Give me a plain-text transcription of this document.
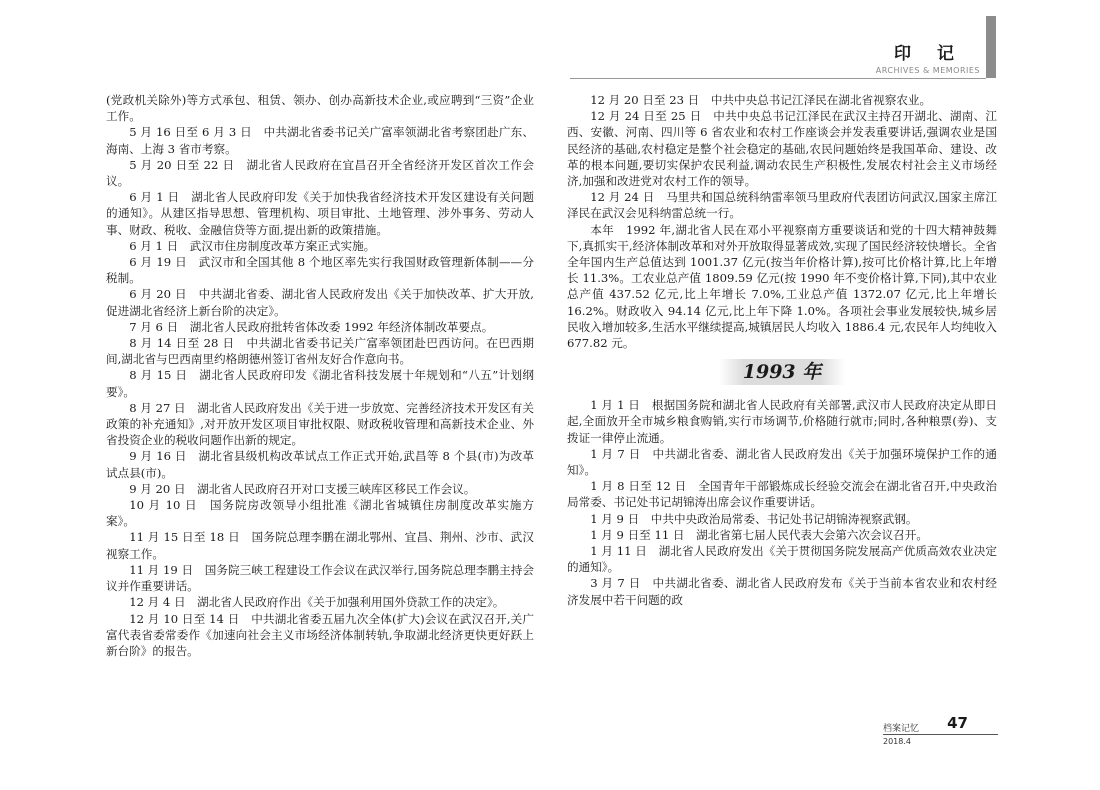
印记
ARCHIVES & MEMORIES

(党政机关除外)等方式承包、租赁、领办、创办高新技术企业,或应聘到“三资”企业工作。

5 月 16 日至 6 月 3 日　中共湖北省委书记关广富率领湖北省考察团赴广东、海南、上海 3 省市考察。

5 月 20 日至 22 日　湖北省人民政府在宜昌召开全省经济开发区首次工作会议。

6 月 1 日　湖北省人民政府印发《关于加快我省经济技术开发区建设有关问题的通知》。从建区指导思想、管理机构、项目审批、土地管理、涉外事务、劳动人事、财政、税收、金融信贷等方面,提出新的政策措施。

6 月 1 日　武汉市住房制度改革方案正式实施。

6 月 19 日　武汉市和全国其他 8 个地区率先实行我国财政管理新体制——分税制。

6 月 20 日　中共湖北省委、湖北省人民政府发出《关于加快改革、扩大开放,促进湖北省经济上新台阶的决定》。

7 月 6 日　湖北省人民政府批转省体改委 1992 年经济体制改革要点。

8 月 14 日至 28 日　中共湖北省委书记关广富率领团赴巴西访问。在巴西期间,湖北省与巴西南里约格朗德州签订省州友好合作意向书。

8 月 15 日　湖北省人民政府印发《湖北省科技发展十年规划和“八五”计划纲要》。

8 月 27 日　湖北省人民政府发出《关于进一步放宽、完善经济技术开发区有关政策的补充通知》,对开放开发区项目审批权限、财政税收管理和高新技术企业、外省投资企业的税收问题作出新的规定。

9 月 16 日　湖北省县级机构改革试点工作正式开始,武昌等 8 个县(市)为改革试点县(市)。

9 月 20 日　湖北省人民政府召开对口支援三峡库区移民工作会议。

10 月 10 日　国务院房改领导小组批准《湖北省城镇住房制度改革实施方案》。

11 月 15 日至 18 日　国务院总理李鹏在湖北鄂州、宜昌、荆州、沙市、武汉视察工作。

11 月 19 日　国务院三峡工程建设工作会议在武汉举行,国务院总理李鹏主持会议并作重要讲话。

12 月 4 日　湖北省人民政府作出《关于加强利用国外贷款工作的决定》。

12 月 10 日至 14 日　中共湖北省委五届九次全体(扩大)会议在武汉召开,关广富代表省委常委作《加速向社会主义市场经济体制转轨,争取湖北经济更快更好跃上新台阶》的报告。

12 月 20 日至 23 日　中共中央总书记江泽民在湖北省视察农业。

12 月 24 日至 25 日　中共中央总书记江泽民在武汉主持召开湖北、湖南、江西、安徽、河南、四川等 6 省农业和农村工作座谈会并发表重要讲话,强调农业是国民经济的基础,农村稳定是整个社会稳定的基础,农民问题始终是我国革命、建设、改革的根本问题,要切实保护农民利益,调动农民生产积极性,发展农村社会主义市场经济,加强和改进党对农村工作的领导。

12 月 24 日　马里共和国总统科纳雷率领马里政府代表团访问武汉,国家主席江泽民在武汉会见科纳雷总统一行。

本年　1992 年,湖北省人民在邓小平视察南方重要谈话和党的十四大精神鼓舞下,真抓实干,经济体制改革和对外开放取得显著成效,实现了国民经济较快增长。全省全年国内生产总值达到 1001.37 亿元(按当年价格计算),按可比价格计算,比上年增长 11.3%。工农业总产值 1809.59 亿元(按 1990 年不变价格计算,下同),其中农业总产值 437.52 亿元,比上年增长 7.0%,工业总产值 1372.07 亿元,比上年增长 16.2%。财政收入 94.14 亿元,比上年下降 1.0%。各项社会事业发展较快,城乡居民收入增加较多,生活水平继续提高,城镇居民人均收入 1886.4 元,农民年人均纯收入 677.82 元。

1993 年

1 月 1 日　根据国务院和湖北省人民政府有关部署,武汉市人民政府决定从即日起,全面放开全市城乡粮食购销,实行市场调节,价格随行就市;同时,各种粮票(券)、支拨证一律停止流通。

1 月 7 日　中共湖北省委、湖北省人民政府发出《关于加强环境保护工作的通知》。

1 月 8 日至 12 日　全国青年干部锻炼成长经验交流会在湖北省召开,中央政治局常委、书记处书记胡锦涛出席会议作重要讲话。

1 月 9 日　中共中央政治局常委、书记处书记胡锦涛视察武钢。

1 月 9 日至 11 日　湖北省第七届人民代表大会第六次会议召开。

1 月 11 日　湖北省人民政府发出《关于贯彻国务院发展高产优质高效农业决定的通知》。

3 月 7 日　中共湖北省委、湖北省人民政府发布《关于当前本省农业和农村经济发展中若干问题的政

档案记忆 47
2018.4
